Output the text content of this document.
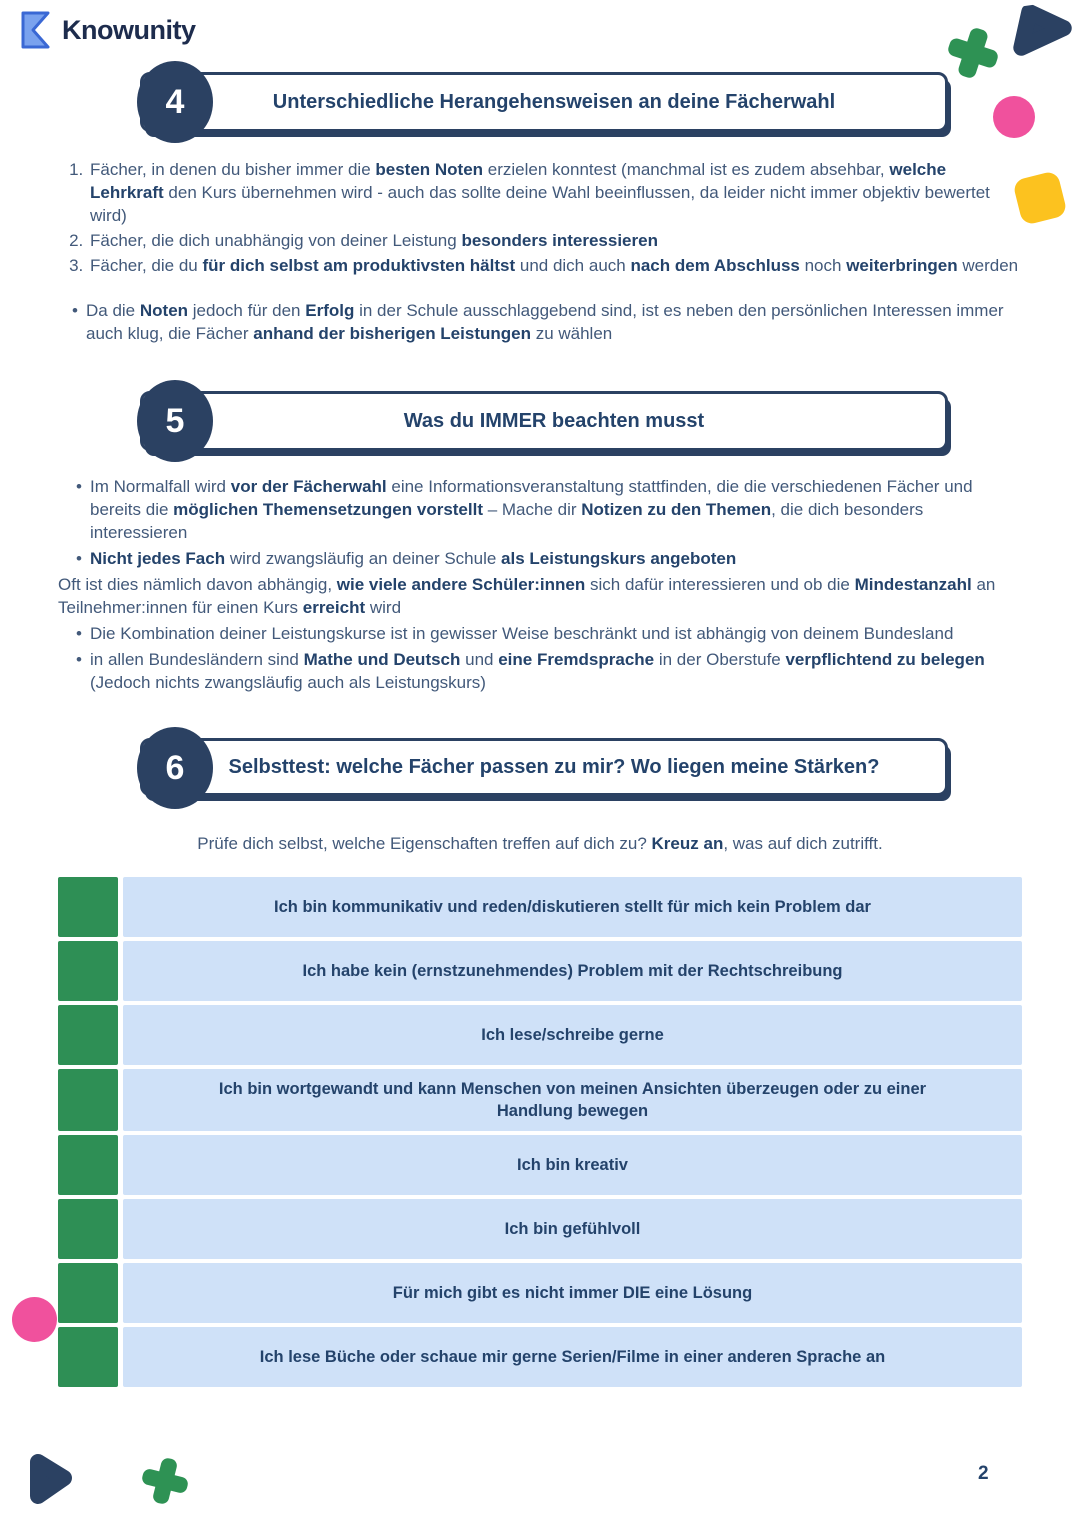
Knowunity
4	Unterschiedliche Herangehensweisen an deine Fächerwahl
1. Fächer, in denen du bisher immer die besten Noten erzielen konntest (manchmal ist es zudem absehbar, welche Lehrkraft den Kurs übernehmen wird - auch das sollte deine Wahl beeinflussen, da leider nicht immer objektiv bewertet wird)
2. Fächer, die dich unabhängig von deiner Leistung besonders interessieren
3. Fächer, die du für dich selbst am produktivsten hältst und dich auch nach dem Abschluss noch weiterbringen werden
• Da die Noten jedoch für den Erfolg in der Schule ausschlaggebend sind, ist es neben den persönlichen Interessen immer auch klug, die Fächer anhand der bisherigen Leistungen zu wählen
5	Was du IMMER beachten musst
• Im Normalfall wird vor der Fächerwahl eine Informationsveranstaltung stattfinden, die die verschiedenen Fächer und bereits die möglichen Themensetzungen vorstellt – Mache dir Notizen zu den Themen, die dich besonders interessieren
• Nicht jedes Fach wird zwangsläufig an deiner Schule als Leistungskurs angeboten
Oft ist dies nämlich davon abhängig, wie viele andere Schüler:innen sich dafür interessieren und ob die Mindestanzahl an Teilnehmer:innen für einen Kurs erreicht wird
• Die Kombination deiner Leistungskurse ist in gewisser Weise beschränkt und ist abhängig von deinem Bundesland
• in allen Bundesländern sind Mathe und Deutsch und eine Fremdsprache in der Oberstufe verpflichtend zu belegen (Jedoch nichts zwangsläufig auch als Leistungskurs)
6	Selbsttest: welche Fächer passen zu mir? Wo liegen meine Stärken?
Prüfe dich selbst, welche Eigenschaften treffen auf dich zu? Kreuz an, was auf dich zutrifft.
Ich bin kommunikativ und reden/diskutieren stellt für mich kein Problem dar
Ich habe kein (ernstzunehmendes) Problem mit der Rechtschreibung
Ich lese/schreibe gerne
Ich bin wortgewandt und kann Menschen von meinen Ansichten überzeugen oder zu einer Handlung bewegen
Ich bin kreativ
Ich bin gefühlvoll
Für mich gibt es nicht immer DIE eine Lösung
Ich lese Büche oder schaue mir gerne Serien/Filme in einer anderen Sprache an
2
